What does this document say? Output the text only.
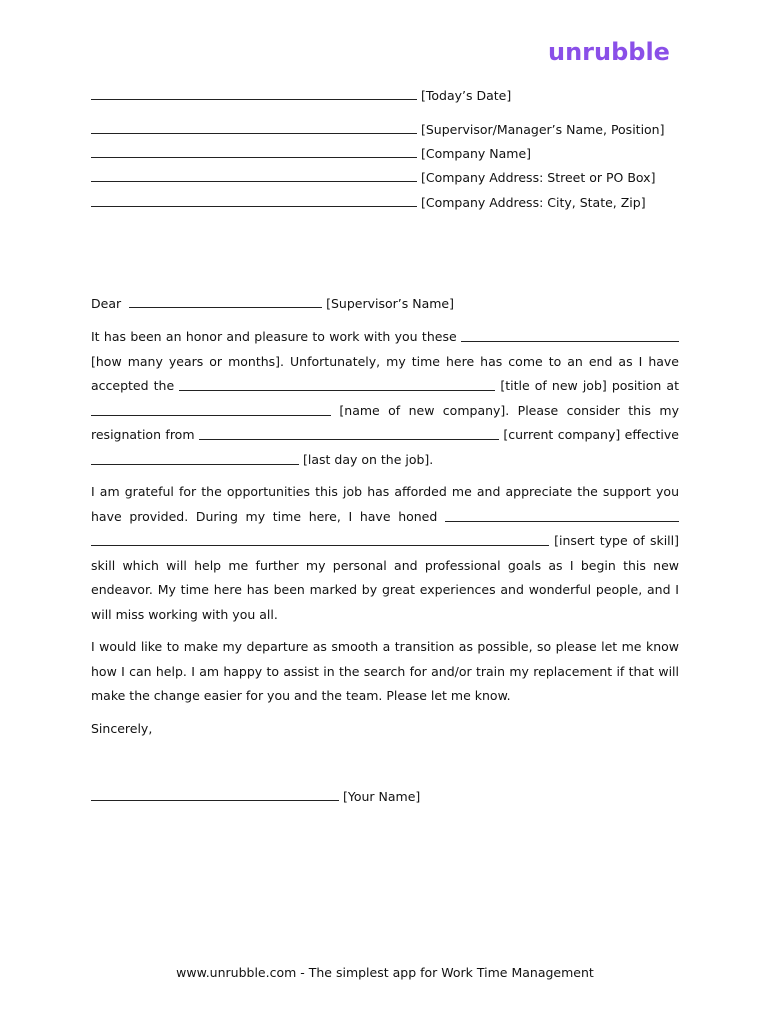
unrubble
[Today’s Date]
[Supervisor/Manager’s Name, Position]
[Company Name]
[Company Address: Street or PO Box]
[Company Address: City, State, Zip]
Dear	[Supervisor’s Name]

It has been an honor and pleasure to work with you these  [how many years or months]. Unfortunately, my time here has come to an end as I have accepted the	[title of new job] position at  [name of new company]. Please consider this my resignation from	[current company] effective  [last day on the job].

I am grateful for the opportunities this job has afforded me and appreciate the support you have provided. During my time here, I have honed   [insert type of skill] skill which will help me further my personal and professional goals as I begin this new endeavor. My time here has been marked by great experiences and wonderful people, and I will miss working with you all.

I would like to make my departure as smooth a transition as possible, so please let me know how I can help. I am happy to assist in the search for and/or train my replacement if that will make the change easier for you and the team. Please let me know.

Sincerely,

[Your Name]
www.unrubble.com - The simplest app for Work Time Management
